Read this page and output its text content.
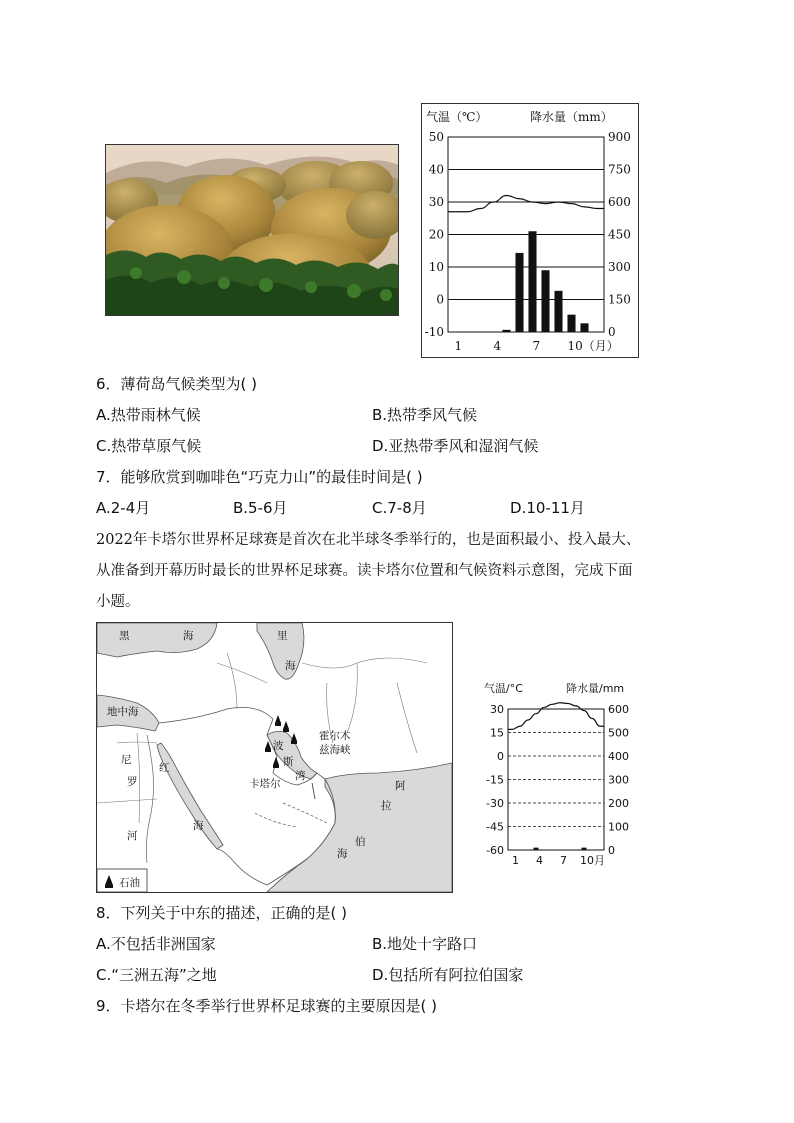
气温（℃）	降水量（mm）
50
40
30
20
10
0
-10
900
750
600
450
300
150
0
1	4	7 10（月）
6．薄荷岛气候类型为( )
A.热带雨林气候	B.热带季风气候
C.热带草原气候	D.亚热带季风和湿润气候
7．能够欣赏到咖啡色“巧克力山”的最佳时间是( )
A.2-4月	B.5-6月	C.7-8月	D.10-11月
2022年卡塔尔世界杯足球赛是首次在北半球冬季举行的，也是面积最小、投入最大、
从准备到开幕历时最长的世界杯足球赛。读卡塔尔位置和气候资料示意图，完成下面
小题。
黑	海	里
海
地中海
尼
罗
河
红
海
波
斯
湾
霍尔木
兹海峡
卡塔尔	阿
拉
伯
海
石油
气温/°C	降水量/mm
30
15
0
-15
-30
-45
-60
600
500
400
300
200
100
0
1 4 7 10月
8．下列关于中东的描述，正确的是( )
A.不包括非洲国家	B.地处十字路口
C.“三洲五海”之地	D.包括所有阿拉伯国家
9．卡塔尔在冬季举行世界杯足球赛的主要原因是( )
